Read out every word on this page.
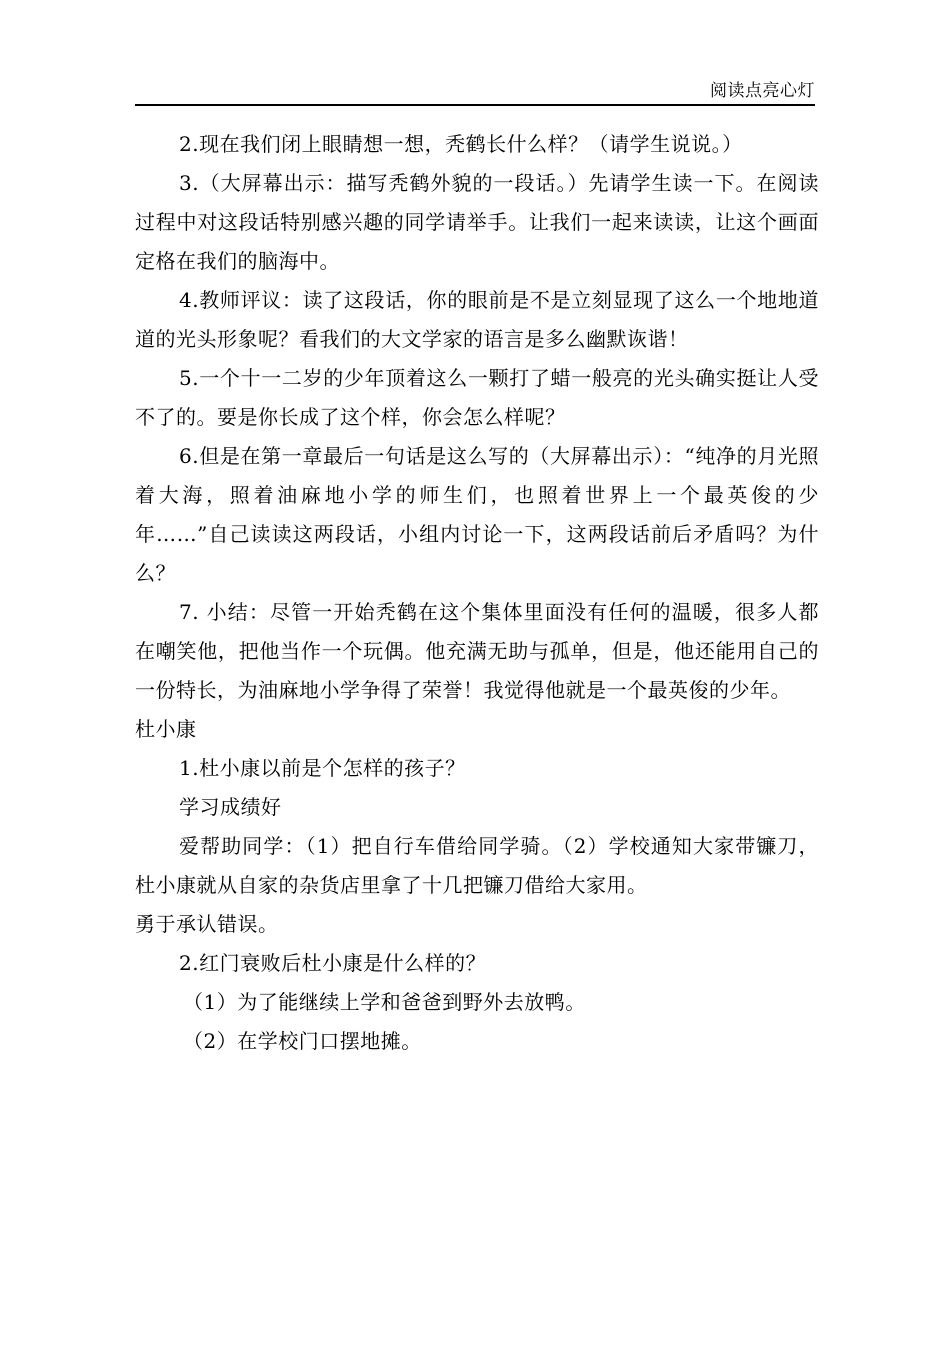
阅读点亮心灯

2.现在我们闭上眼睛想一想，秃鹤长什么样？（请学生说说。）

3.（大屏幕出示：描写秃鹤外貌的一段话。）先请学生读一下。在阅读过程中对这段话特别感兴趣的同学请举手。让我们一起来读读，让这个画面定格在我们的脑海中。

4.教师评议：读了这段话，你的眼前是不是立刻显现了这么一个地地道道的光头形象呢？看我们的大文学家的语言是多么幽默诙谐！

5.一个十一二岁的少年顶着这么一颗打了蜡一般亮的光头确实挺让人受不了的。要是你长成了这个样，你会怎么样呢？

6.但是在第一章最后一句话是这么写的（大屏幕出示）：“纯净的月光照着大海，照着油麻地小学的师生们，也照着世界上一个最英俊的少年……”自己读读这两段话，小组内讨论一下，这两段话前后矛盾吗？为什么？

7. 小结：尽管一开始秃鹤在这个集体里面没有任何的温暖，很多人都在嘲笑他，把他当作一个玩偶。他充满无助与孤单，但是，他还能用自己的一份特长，为油麻地小学争得了荣誉！我觉得他就是一个最英俊的少年。

杜小康

1.杜小康以前是个怎样的孩子？

学习成绩好

爱帮助同学：（1）把自行车借给同学骑。（2）学校通知大家带镰刀，杜小康就从自家的杂货店里拿了十几把镰刀借给大家用。

勇于承认错误。

2.红门衰败后杜小康是什么样的？

（1）为了能继续上学和爸爸到野外去放鸭。

（2）在学校门口摆地摊。
